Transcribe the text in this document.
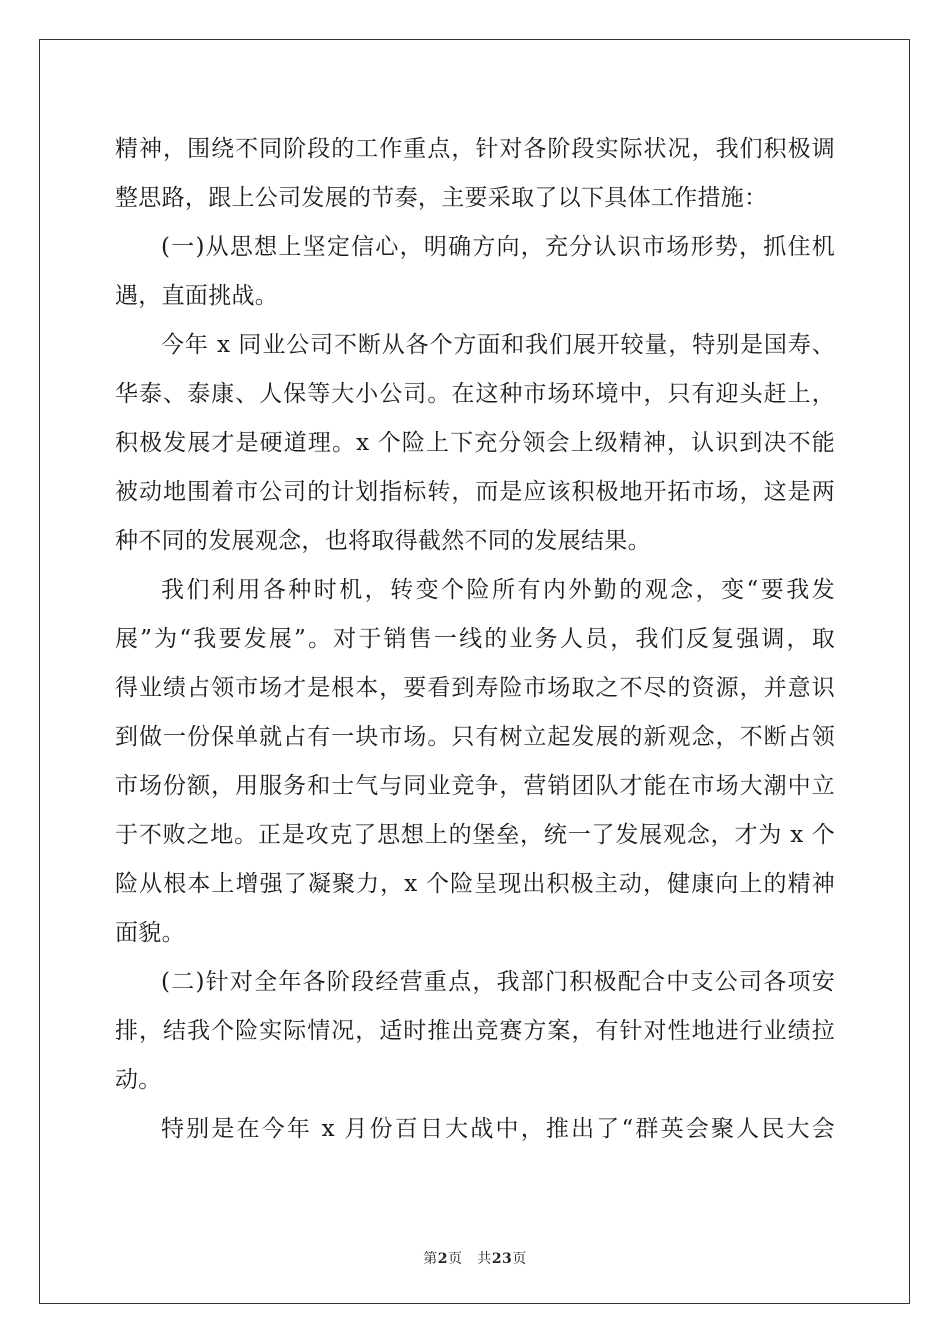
精神，围绕不同阶段的工作重点，针对各阶段实际状况，我们积极调
整思路，跟上公司发展的节奏，主要采取了以下具体工作措施：
(一)从思想上坚定信心，明确方向，充分认识市场形势，抓住机
遇，直面挑战。
今年 x 同业公司不断从各个方面和我们展开较量，特别是国寿、
华泰、泰康、人保等大小公司。在这种市场环境中，只有迎头赶上，
积极发展才是硬道理。x 个险上下充分领会上级精神，认识到决不能
被动地围着市公司的计划指标转，而是应该积极地开拓市场，这是两
种不同的发展观念，也将取得截然不同的发展结果。
我们利用各种时机，转变个险所有内外勤的观念，变“要我发
展”为“我要发展”。对于销售一线的业务人员，我们反复强调，取
得业绩占领市场才是根本，要看到寿险市场取之不尽的资源，并意识
到做一份保单就占有一块市场。只有树立起发展的新观念，不断占领
市场份额，用服务和士气与同业竞争，营销团队才能在市场大潮中立
于不败之地。正是攻克了思想上的堡垒，统一了发展观念，才为 x 个
险从根本上增强了凝聚力，x 个险呈现出积极主动，健康向上的精神
面貌。
(二)针对全年各阶段经营重点，我部门积极配合中支公司各项安
排，结我个险实际情况，适时推出竞赛方案，有针对性地进行业绩拉
动。
特别是在今年 x 月份百日大战中，推出了“群英会聚人民大会
第2页   共23页
